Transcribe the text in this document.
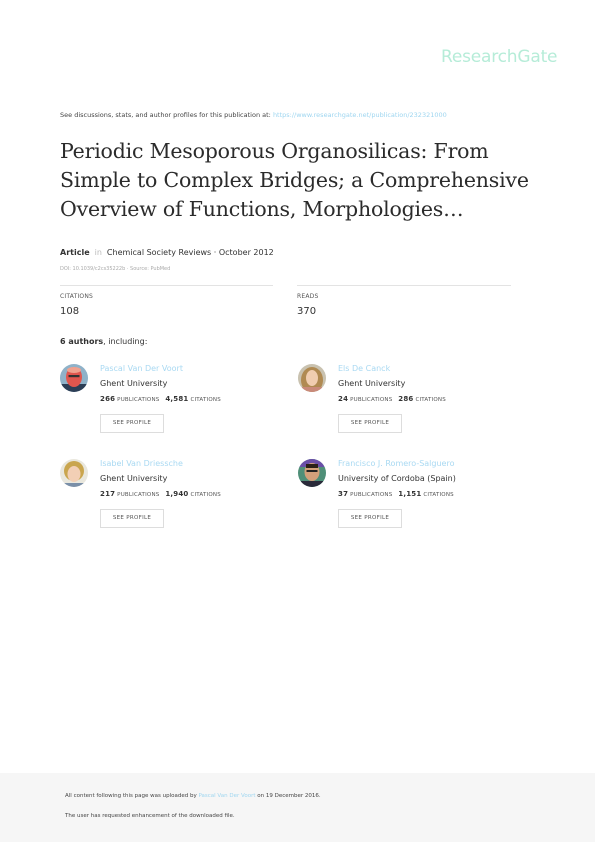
ResearchGate
See discussions, stats, and author profiles for this publication at: https://www.researchgate.net/publication/232321000
Periodic Mesoporous Organosilicas: From Simple to Complex Bridges; a Comprehensive Overview of Functions, Morphologies…
Article in Chemical Society Reviews · October 2012
DOI: 10.1039/c2cs35222b · Source: PubMed
CITATIONS
108
READS
370
6 authors, including:
Pascal Van Der Voort
Ghent University
266 PUBLICATIONS 4,581 CITATIONS
SEE PROFILE
Els De Canck
Ghent University
24 PUBLICATIONS 286 CITATIONS
SEE PROFILE
Isabel Van Driessche
Ghent University
217 PUBLICATIONS 1,940 CITATIONS
SEE PROFILE
Francisco J. Romero-Salguero
University of Cordoba (Spain)
37 PUBLICATIONS 1,151 CITATIONS
SEE PROFILE
All content following this page was uploaded by Pascal Van Der Voort on 19 December 2016.
The user has requested enhancement of the downloaded file.
